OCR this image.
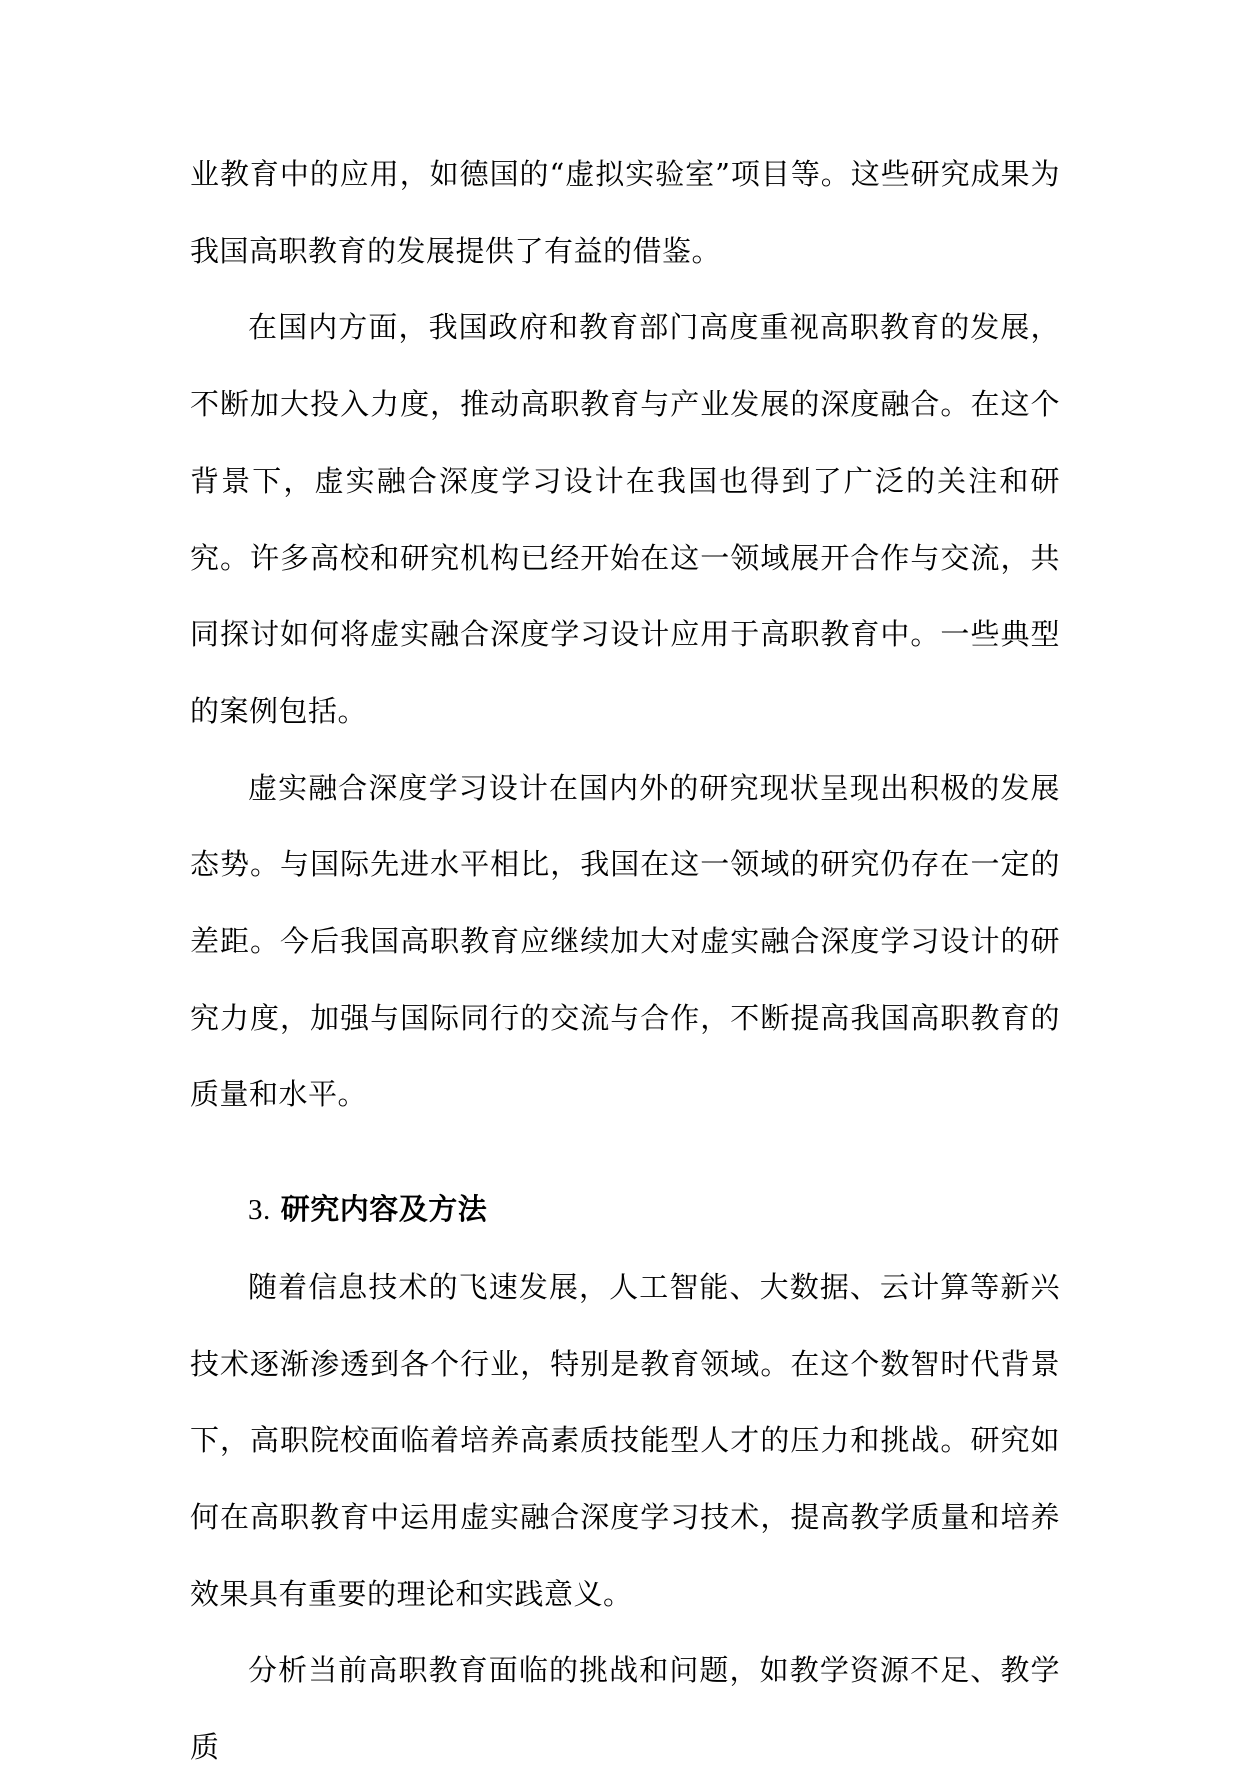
业教育中的应用，如德国的“虚拟实验室”项目等。这些研究成果为我国高职教育的发展提供了有益的借鉴。

在国内方面，我国政府和教育部门高度重视高职教育的发展，不断加大投入力度，推动高职教育与产业发展的深度融合。在这个背景下，虚实融合深度学习设计在我国也得到了广泛的关注和研究。许多高校和研究机构已经开始在这一领域展开合作与交流，共同探讨如何将虚实融合深度学习设计应用于高职教育中。一些典型的案例包括。

虚实融合深度学习设计在国内外的研究现状呈现出积极的发展态势。与国际先进水平相比，我国在这一领域的研究仍存在一定的差距。今后我国高职教育应继续加大对虚实融合深度学习设计的研究力度，加强与国际同行的交流与合作，不断提高我国高职教育的质量和水平。

3. 研究内容及方法

随着信息技术的飞速发展，人工智能、大数据、云计算等新兴技术逐渐渗透到各个行业，特别是教育领域。在这个数智时代背景下，高职院校面临着培养高素质技能型人才的压力和挑战。研究如何在高职教育中运用虚实融合深度学习技术，提高教学质量和培养效果具有重要的理论和实践意义。

分析当前高职教育面临的挑战和问题，如教学资源不足、教学质
